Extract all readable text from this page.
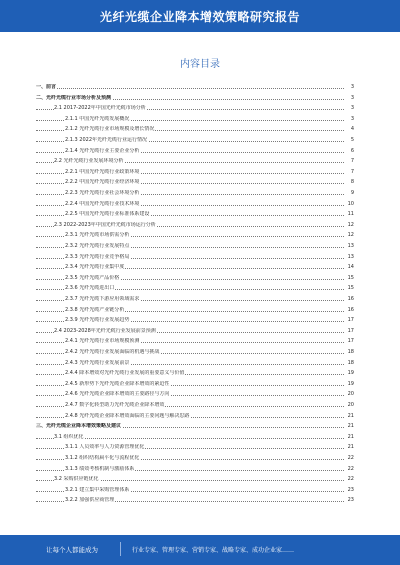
光纤光缆企业降本增效策略研究报告
内容目录
一、前言	3
二、光纤光缆行业市场分析及预测	3
2.1 2017-2022年中国光纤光缆市场分析	3
2.1.1 中国光纤光缆发展概况	3
2.1.2 光纤光缆行业市场规模及增长情况	4
2.1.3 2022年光纤光缆行业运行情况	5
2.1.4 光纤光缆行业主要企业分析	6
2.2 光纤光缆行业发展环境分析	7
2.2.1 中国光纤光缆行业政策环境	7
2.2.2 中国光纤光缆行业经济环境	8
2.2.3 光纤光缆行业社会环境分析	9
2.2.4 中国光纤光缆行业技术环境	10
2.2.5 中国光纤光缆行业标准体系建设	11
2.3 2022-2023年中国光纤光缆市场运行分析	12
2.3.1 光纤光缆市场供需分析	12
2.3.2 光纤光缆行业发展特点	13
2.3.3 光纤光缆行业竞争格局	13
2.3.4 光纤光缆行业集中度	14
2.3.5 光纤光缆产品价格	15
2.3.6 光纤光缆进出口	15
2.3.7 光纤光缆下游应用领域需求	16
2.3.8 光纤光缆产业链分析	16
2.3.9 光纤光缆行业发展趋势	17
2.4 2023-2028年光纤光缆行业发展前景预测	17
2.4.1 光纤光缆行业市场规模预测	17
2.4.2 光纤光缆行业发展面临的机遇与挑战	18
2.4.3 光纤光缆行业发展前景	18
2.4.4 降本增效对光纤光缆行业发展的重要意义与价值	19
2.4.5 新形势下光纤光缆企业降本增效的紧迫性	19
2.4.6 光纤光缆企业降本增效的主要路径与方向	20
2.4.7 数字化转型助力光纤光缆企业降本增效	20
2.4.8 光纤光缆企业降本增效面临的主要问题与解决思路	21
三、光纤光缆企业降本增效策略及建议	21
3.1 组织优化	21
3.1.1 人员效率与人力资源管理优化	21
3.1.2 组织结构扁平化与流程优化	22
3.1.3 绩效考核机制与激励体系	22
3.2 采购供应链优化	22
3.2.1 建立集中采购管理体系	23
3.2.2 加强供应商管理	23
让每个人都能成为	行业专家、管理专家、营销专家、战略专家、成功企业家……
